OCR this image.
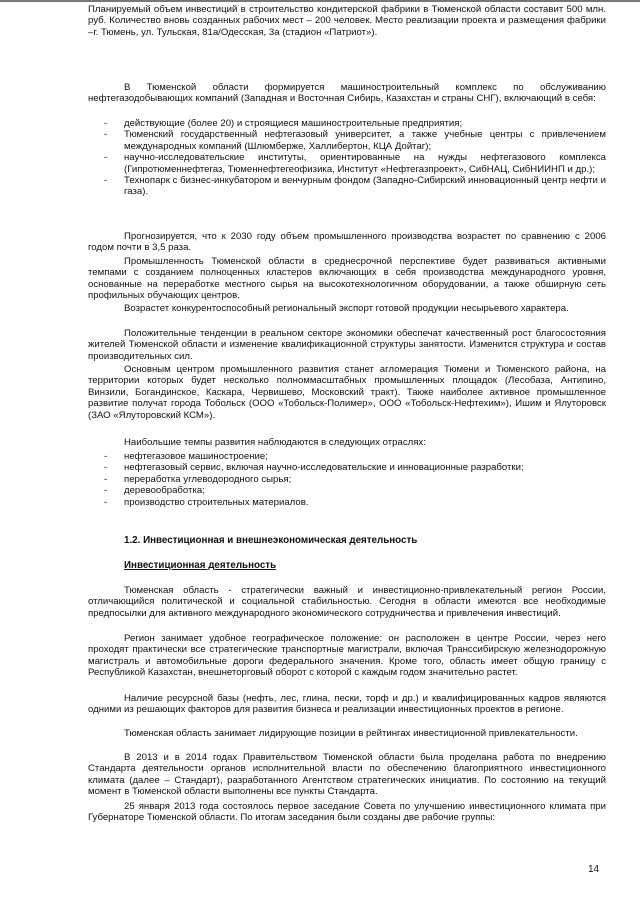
Планируемый объем инвестиций в строительство кондитерской фабрики в Тюменской области составит 500 млн. руб. Количество вновь созданных рабочих мест – 200 человек. Место реализации проекта и размещения фабрики –г. Тюмень, ул. Тульская, 81а/Одесская, 3а (стадион «Патриот»).

В Тюменской области формируется машиностроительный комплекс по обслуживанию нефтегазодобывающих компаний (Западная и Восточная Сибирь, Казахстан и страны СНГ), включающий в себя:

- действующие (более 20) и строящиеся машиностроительные предприятия;
- Тюменский государственный нефтегазовый университет, а также учебные центры с привлечением международных компаний (Шлюмберже, Халлибертон, КЦА Дойтаг);
- научно-исследовательские институты, ориентированные на нужды нефтегазового комплекса (Гипротюменнефтегаз, Тюменнефтегеофизика, Институт «Нефтегазпроект», СибНАЦ, СибНИИНП и др.);
- Технопарк с бизнес-инкубатором и венчурным фондом (Западно-Сибирский инновационный центр нефти и газа).

Прогнозируется, что к 2030 году объем промышленного производства возрастет по сравнению с 2006 годом почти в 3,5 раза.

Промышленность Тюменской области в среднесрочной перспективе будет развиваться активными темпами с созданием полноценных кластеров включающих в себя производства международного уровня, основанные на переработке местного сырья на высокотехнологичном оборудовании, а также обширную сеть профильных обучающих центров.

Возрастет конкурентоспособный региональный экспорт готовой продукции несырьевого характера.

Положительные тенденции в реальном секторе экономики обеспечат качественный рост благосостояния жителей Тюменской области и изменение квалификационной структуры занятости. Изменится структура и состав производительных сил.

Основным центром промышленного развития станет агломерация Тюмени и Тюменского района, на территории которых будет несколько полноммасштабных промышленных площадок (Лесобаза, Антипино, Винзили, Богандинское, Каскара, Червишево, Московский тракт). Также наиболее активное промышленное развитие получат города Тобольск (ООО «Тобольск-Полимер», ООО «Тобольск-Нефтехим»), Ишим и Ялуторовск (ЗАО «Ялуторовский КСМ»).

Наибольшие темпы развития наблюдаются в следующих отраслях:

- нефтегазовое машиностроение;
- нефтегазовый сервис, включая научно-исследовательские и инновационные разработки;
- переработка углеводородного сырья;
- деревообработка;
- производство строительных материалов.

1.2. Инвестиционная и внешнеэкономическая деятельность

Инвестиционная деятельность

Тюменская область - стратегически важный и инвестиционно-привлекательный регион России, отличающийся политической и социальной стабильностью. Сегодня в области имеются все необходимые предпосылки для активного международного экономического сотрудничества и привлечения инвестиций.

Регион занимает удобное географическое положение: он расположен в центре России, через него проходят практически все стратегические транспортные магистрали, включая Транссибирскую железнодорожную магистраль и автомобильные дороги федерального значения. Кроме того, область имеет общую границу с Республикой Казахстан, внешнеторговый оборот с которой с каждым годом значительно растет.

Наличие ресурсной базы (нефть, лес, глина, пески, торф и др.) и квалифицированных кадров являются одними из решающих факторов для развития бизнеса и реализации инвестиционных проектов в регионе.

Тюменская область занимает лидирующие позиции в рейтингах инвестиционной привлекательности.

В 2013 и в 2014 годах Правительством Тюменской области была проделана работа по внедрению Стандарта деятельности органов исполнительной власти по обеспечению благоприятного инвестиционного климата (далее – Стандарт), разработанного Агентством стратегических инициатив. По состоянию на текущий момент в Тюменской области выполнены все пункты Стандарта.

25 января 2013 года состоялось первое заседание Совета по улучшению инвестиционного климата при Губернаторе Тюменской области. По итогам заседания были созданы две рабочие группы:

14
